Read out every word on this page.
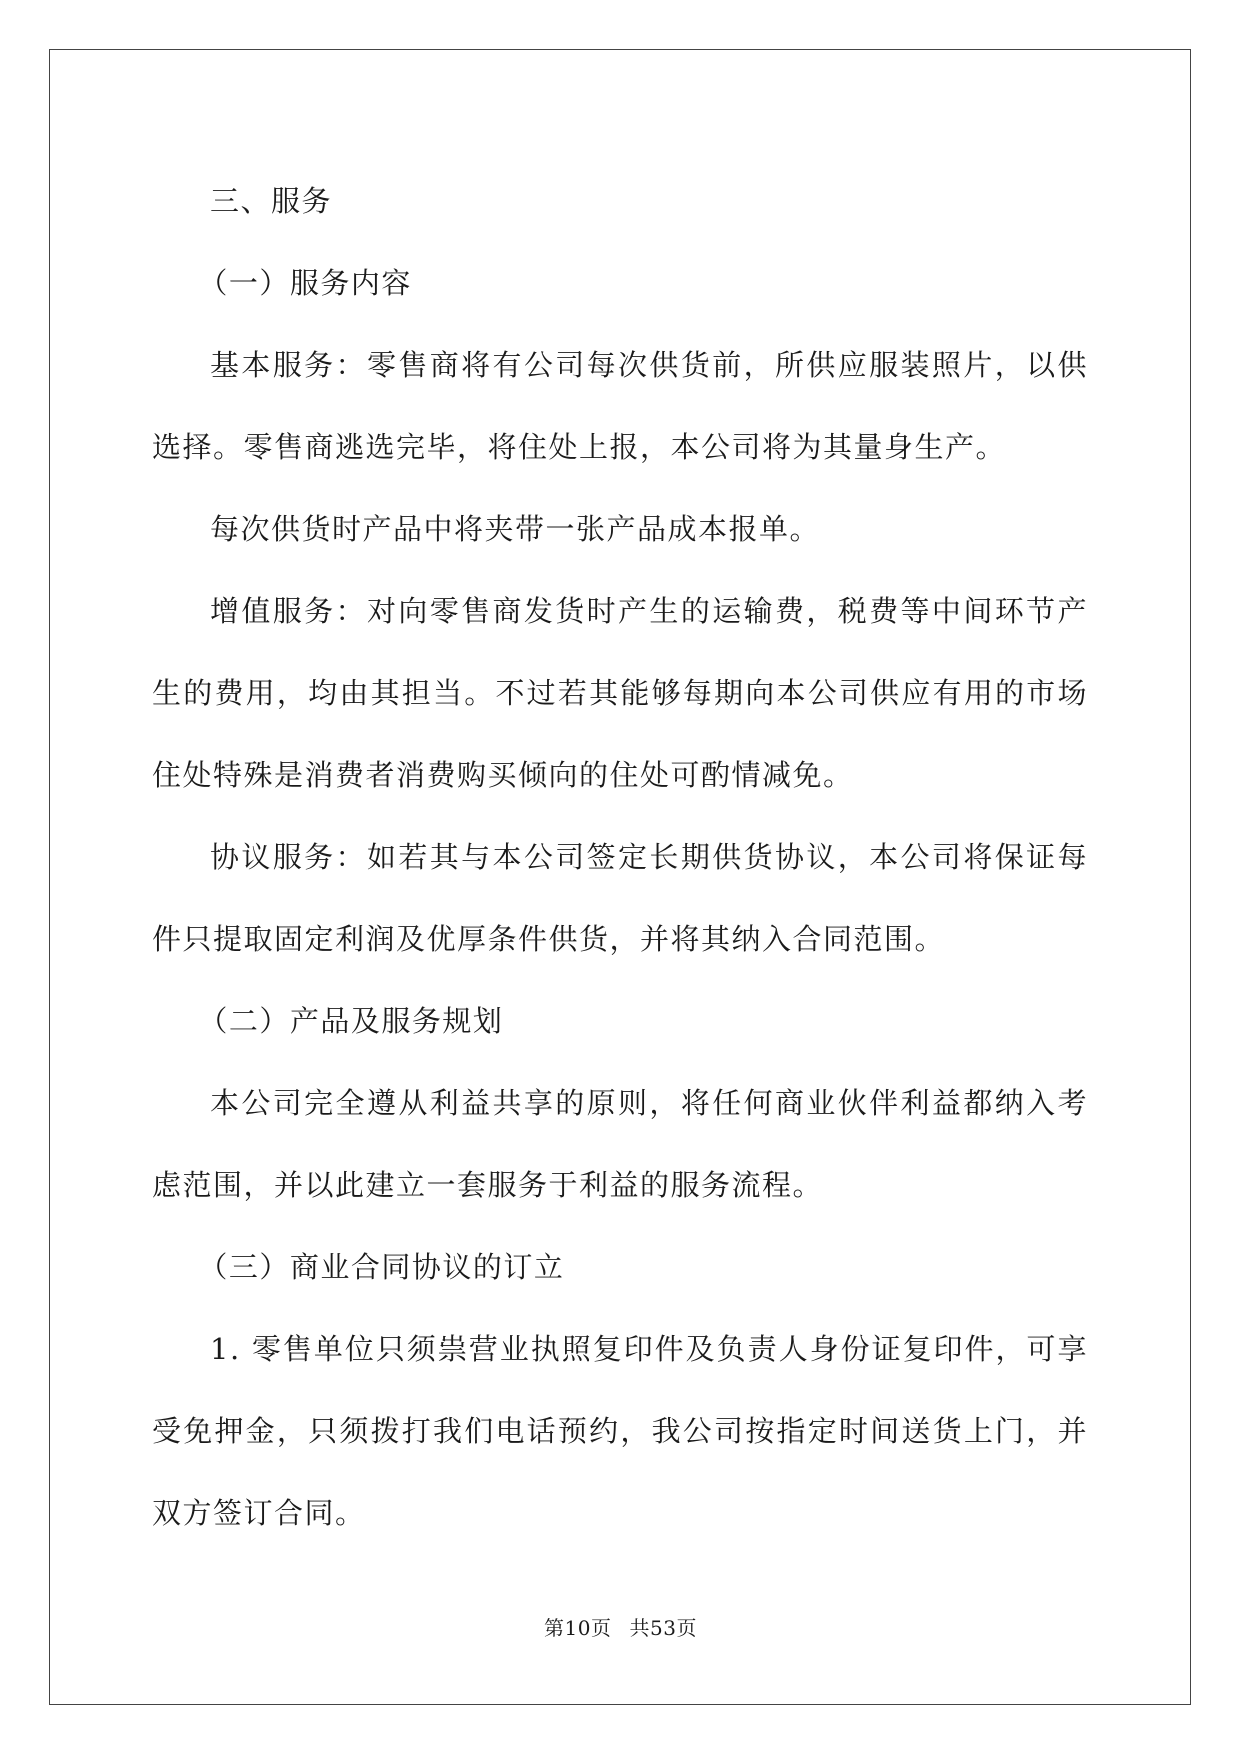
三、服务

（一）服务内容

基本服务：零售商将有公司每次供货前，所供应服装照片，以供选择。零售商逃选完毕，将住处上报，本公司将为其量身生产。

每次供货时产品中将夹带一张产品成本报单。

增值服务：对向零售商发货时产生的运输费，税费等中间环节产生的费用，均由其担当。不过若其能够每期向本公司供应有用的市场住处特殊是消费者消费购买倾向的住处可酌情减免。

协议服务：如若其与本公司签定长期供货协议，本公司将保证每件只提取固定利润及优厚条件供货，并将其纳入合同范围。

（二）产品及服务规划

本公司完全遵从利益共享的原则，将任何商业伙伴利益都纳入考虑范围，并以此建立一套服务于利益的服务流程。

（三）商业合同协议的订立

1. 零售单位只须祟营业执照复印件及负责人身份证复印件，可享受免押金，只须拨打我们电话预约，我公司按指定时间送货上门，并双方签订合同。

第10页 共53页
